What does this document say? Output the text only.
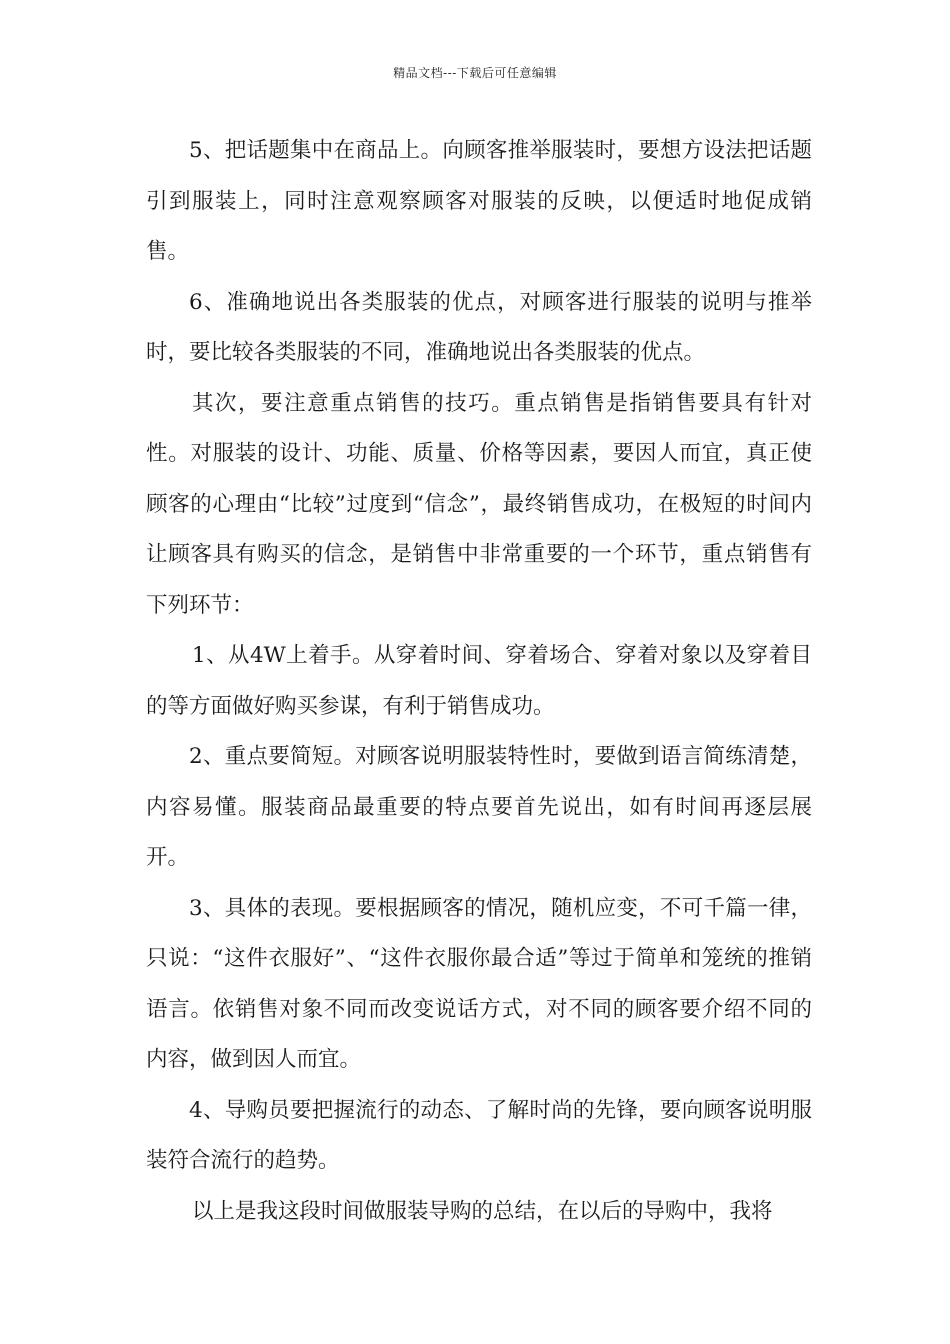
精品文档---下载后可任意编辑

5、把话题集中在商品上。向顾客推举服装时，要想方设法把话题引到服装上，同时注意观察顾客对服装的反映，以便适时地促成销售。

6、准确地说出各类服装的优点，对顾客进行服装的说明与推举时，要比较各类服装的不同，准确地说出各类服装的优点。

其次，要注意重点销售的技巧。重点销售是指销售要具有针对性。对服装的设计、功能、质量、价格等因素，要因人而宜，真正使顾客的心理由“比较”过度到“信念”，最终销售成功，在极短的时间内让顾客具有购买的信念，是销售中非常重要的一个环节，重点销售有下列环节：

1、从4W上着手。从穿着时间、穿着场合、穿着对象以及穿着目的等方面做好购买参谋，有利于销售成功。

2、重点要简短。对顾客说明服装特性时，要做到语言简练清楚，内容易懂。服装商品最重要的特点要首先说出，如有时间再逐层展开。

3、具体的表现。要根据顾客的情况，随机应变，不可千篇一律，只说：“这件衣服好”、“这件衣服你最合适”等过于简单和笼统的推销语言。依销售对象不同而改变说话方式，对不同的顾客要介绍不同的内容，做到因人而宜。

4、导购员要把握流行的动态、了解时尚的先锋，要向顾客说明服装符合流行的趋势。

以上是我这段时间做服装导购的总结，在以后的导购中，我将
